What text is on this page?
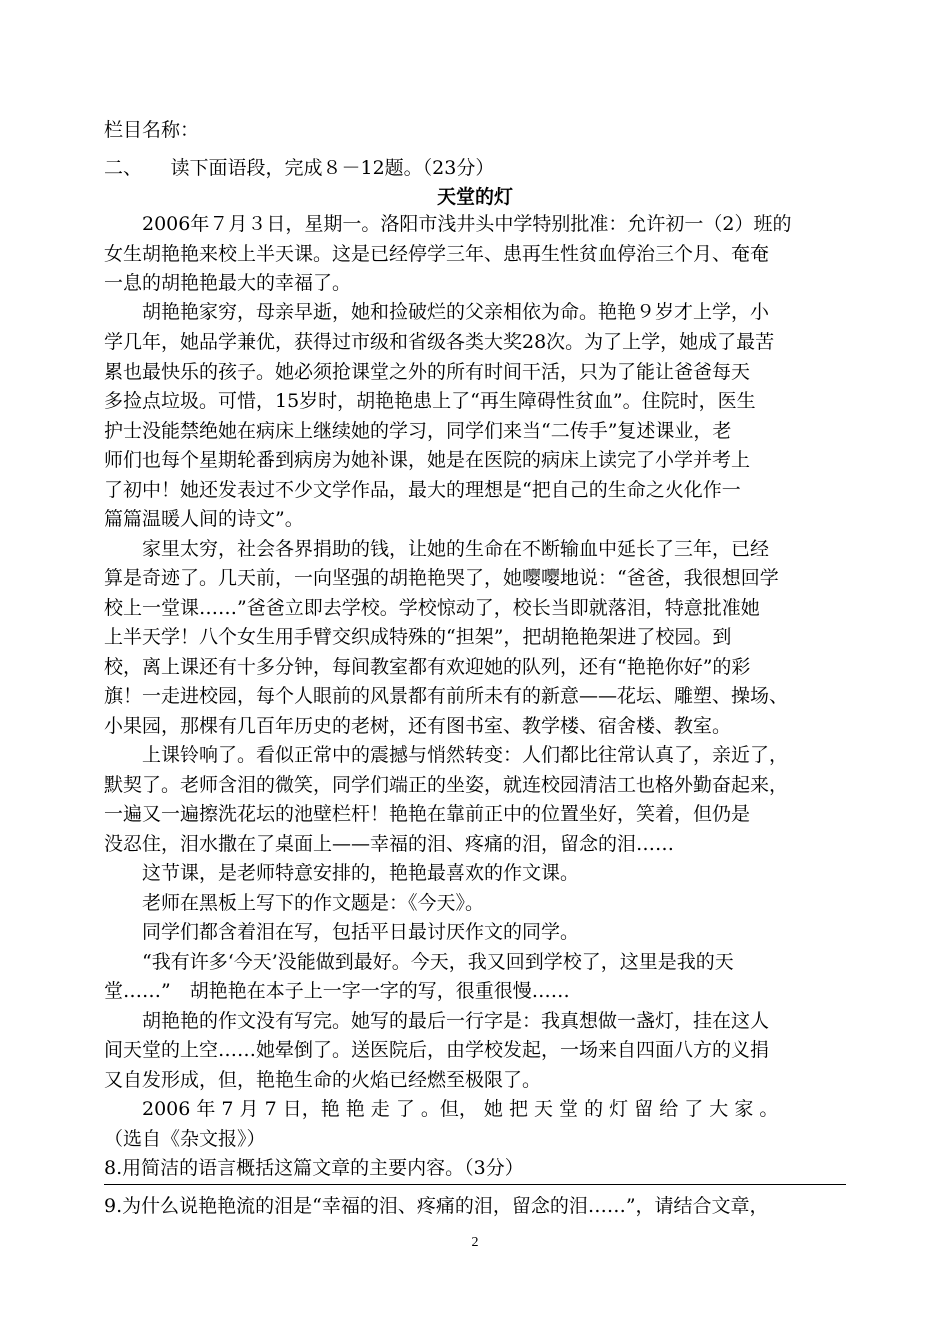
栏目名称：
二、　　读下面语段，完成８－12题。（23分）
天堂的灯
　　2006年７月３日，星期一。洛阳市浅井头中学特别批准：允许初一（2）班的
女生胡艳艳来校上半天课。这是已经停学三年、患再生性贫血停治三个月、奄奄
一息的胡艳艳最大的幸福了。
　　胡艳艳家穷，母亲早逝，她和捡破烂的父亲相依为命。艳艳９岁才上学，小
学几年，她品学兼优，获得过市级和省级各类大奖28次。为了上学，她成了最苦
累也最快乐的孩子。她必须抢课堂之外的所有时间干活，只为了能让爸爸每天
多捡点垃圾。可惜，15岁时，胡艳艳患上了“再生障碍性贫血”。住院时，医生
护士没能禁绝她在病床上继续她的学习，同学们来当“二传手”复述课业，老
师们也每个星期轮番到病房为她补课，她是在医院的病床上读完了小学并考上
了初中！她还发表过不少文学作品，最大的理想是“把自己的生命之火化作一
篇篇温暖人间的诗文”。
　　家里太穷，社会各界捐助的钱，让她的生命在不断输血中延长了三年，已经
算是奇迹了。几天前，一向坚强的胡艳艳哭了，她嘤嘤地说：“爸爸，我很想回学
校上一堂课……”爸爸立即去学校。学校惊动了，校长当即就落泪，特意批准她
上半天学！八个女生用手臂交织成特殊的“担架”，把胡艳艳架进了校园。到
校，离上课还有十多分钟，每间教室都有欢迎她的队列，还有“艳艳你好”的彩
旗！一走进校园，每个人眼前的风景都有前所未有的新意——花坛、雕塑、操场、
小果园，那棵有几百年历史的老树，还有图书室、教学楼、宿舍楼、教室。
　　上课铃响了。看似正常中的震撼与悄然转变：人们都比往常认真了，亲近了，
默契了。老师含泪的微笑，同学们端正的坐姿，就连校园清洁工也格外勤奋起来，
一遍又一遍擦洗花坛的池壁栏杆！艳艳在靠前正中的位置坐好，笑着，但仍是
没忍住，泪水撒在了桌面上——幸福的泪、疼痛的泪，留念的泪……
　　这节课，是老师特意安排的，艳艳最喜欢的作文课。
　　老师在黑板上写下的作文题是：《今天》。
　　同学们都含着泪在写，包括平日最讨厌作文的同学。
　　“我有许多‘今天’没能做到最好。今天，我又回到学校了，这里是我的天
堂……”　胡艳艳在本子上一字一字的写，很重很慢……
　　胡艳艳的作文没有写完。她写的最后一行字是：我真想做一盏灯，挂在这人
间天堂的上空……她晕倒了。送医院后，由学校发起，一场来自四面八方的义捐
又自发形成，但，艳艳生命的火焰已经燃至极限了。
　　2006 年 7 月 7 日，艳 艳 走 了 。但， 她 把 天 堂 的 灯 留 给 了 大 家 。
（选自《杂文报》）
8.用简洁的语言概括这篇文章的主要内容。（3分）
9.为什么说艳艳流的泪是“幸福的泪、疼痛的泪，留念的泪……”，请结合文章，
2
